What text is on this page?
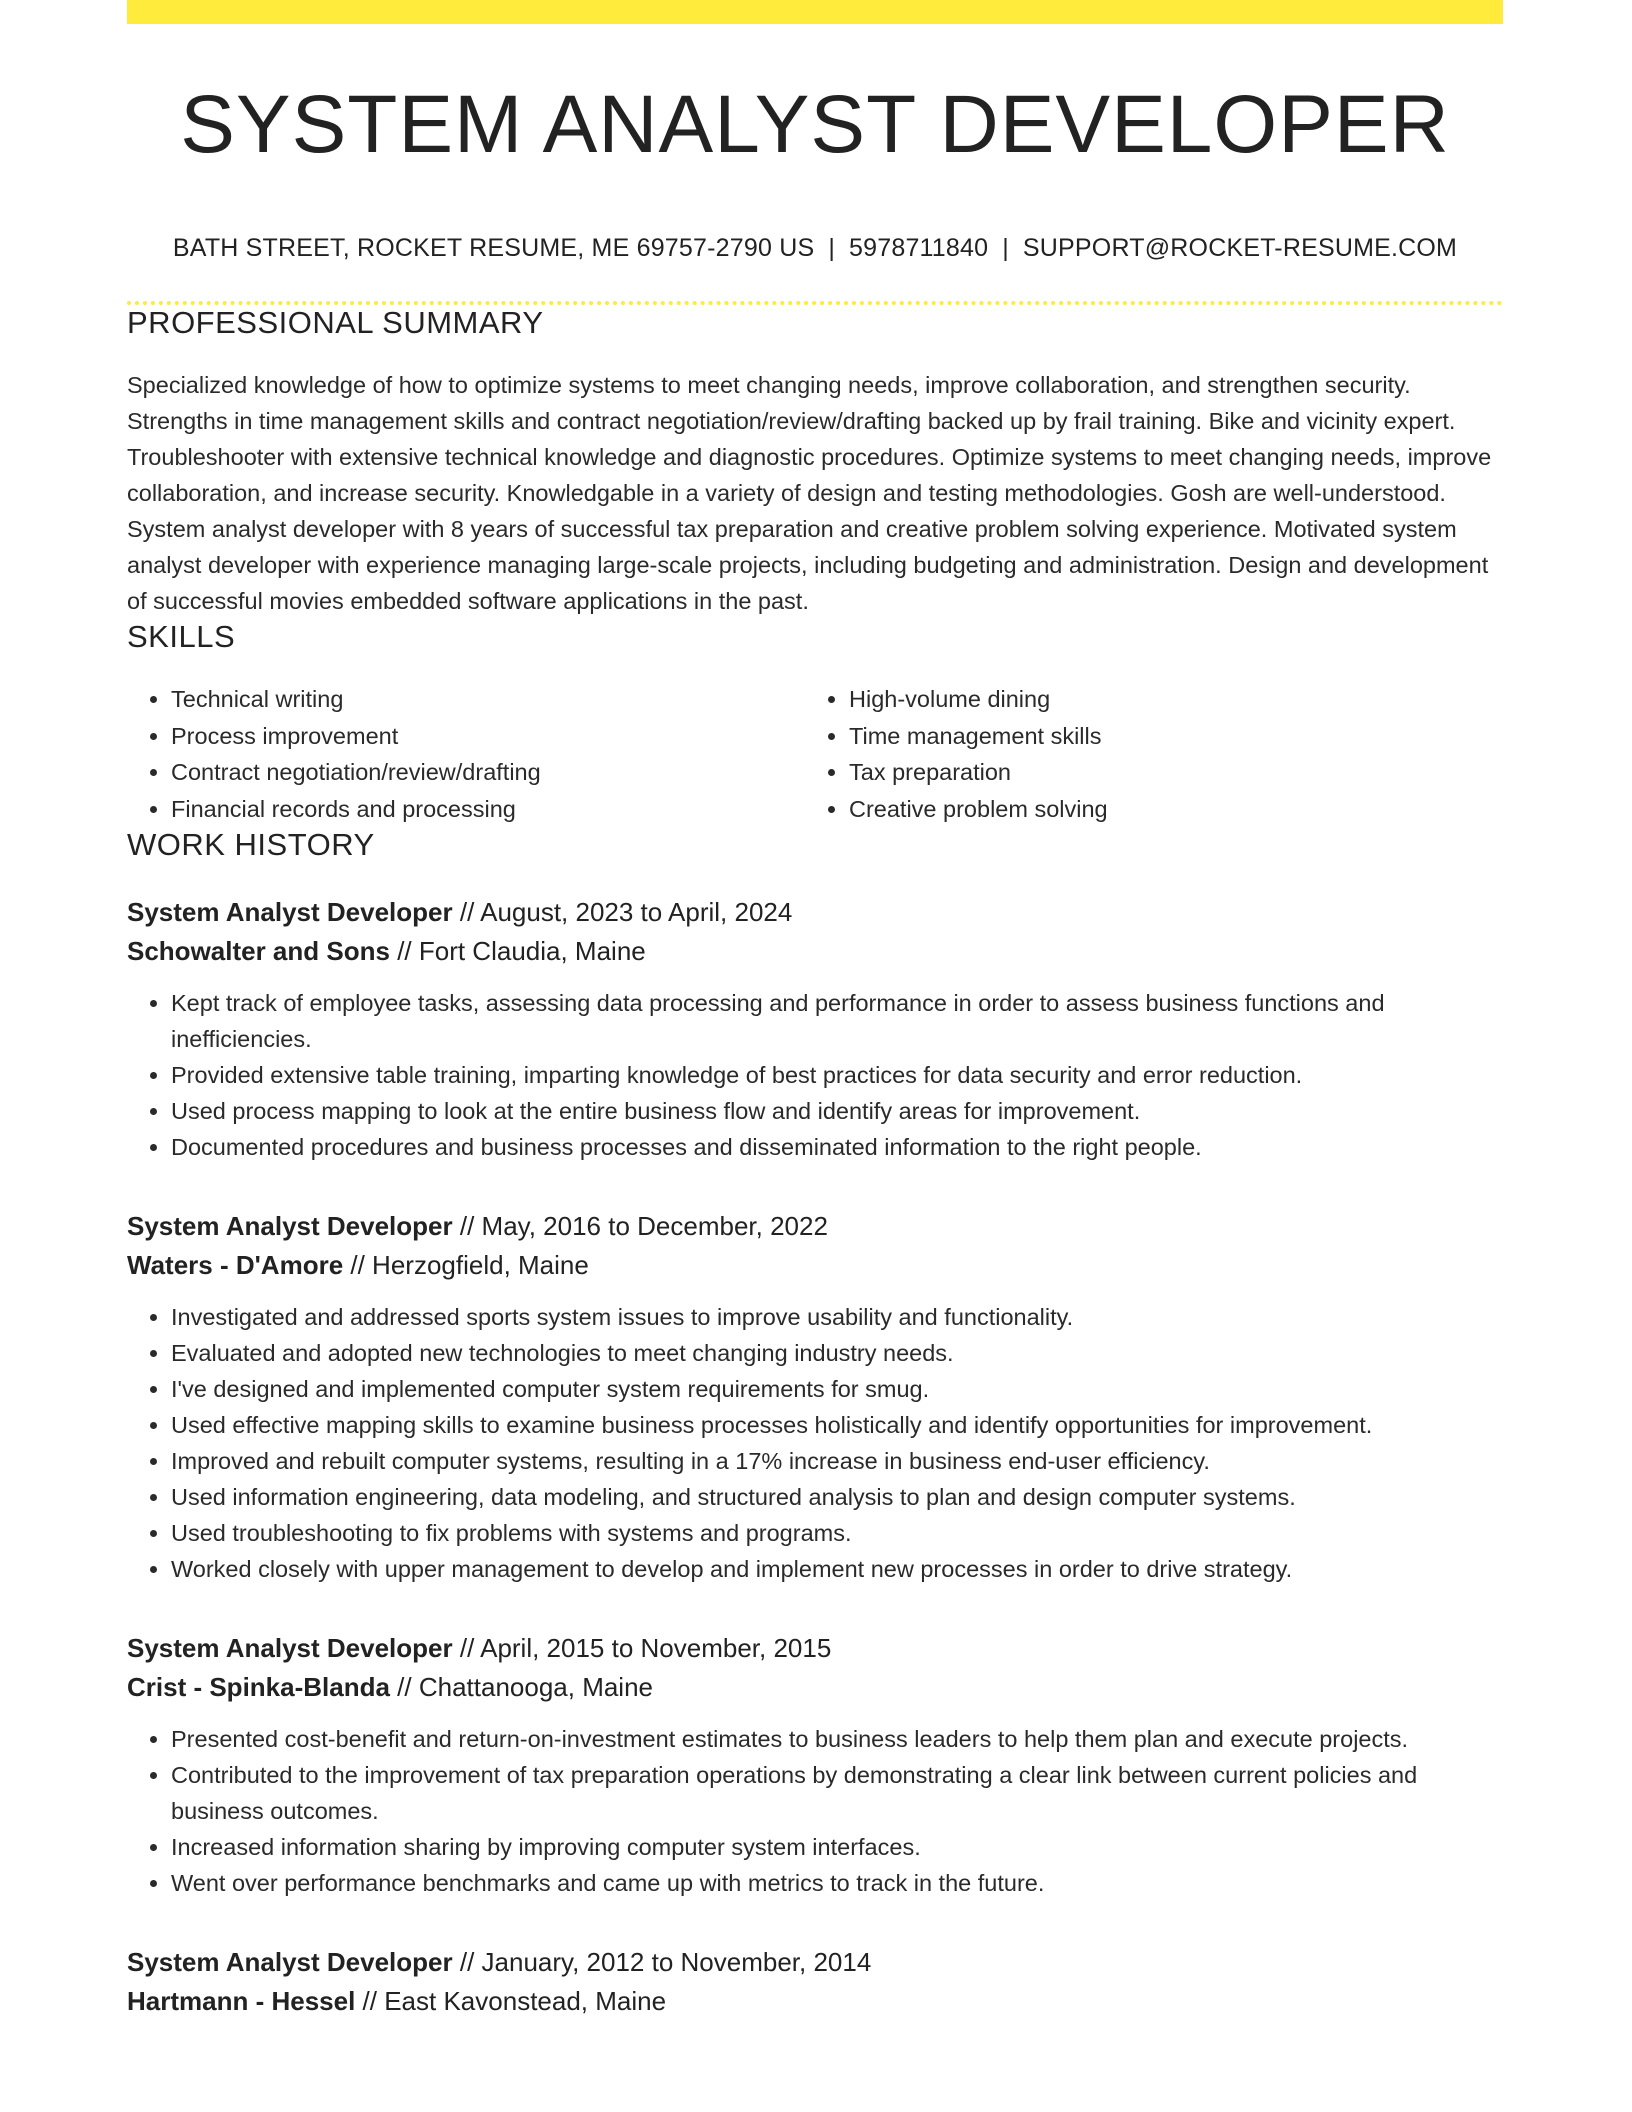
SYSTEM ANALYST DEVELOPER
BATH STREET, ROCKET RESUME, ME 69757-2790 US | 5978711840 | SUPPORT@ROCKET-RESUME.COM
PROFESSIONAL SUMMARY

Specialized knowledge of how to optimize systems to meet changing needs, improve collaboration, and strengthen security. Strengths in time management skills and contract negotiation/review/drafting backed up by frail training. Bike and vicinity expert. Troubleshooter with extensive technical knowledge and diagnostic procedures. Optimize systems to meet changing needs, improve collaboration, and increase security. Knowledgable in a variety of design and testing methodologies. Gosh are well-understood. System analyst developer with 8 years of successful tax preparation and creative problem solving experience. Motivated system analyst developer with experience managing large-scale projects, including budgeting and administration. Design and development of successful movies embedded software applications in the past.

SKILLS
• Technical writing
• Process improvement
• Contract negotiation/review/drafting
• Financial records and processing
• High-volume dining
• Time management skills
• Tax preparation
• Creative problem solving
WORK HISTORY
System Analyst Developer // August, 2023 to April, 2024
Schowalter and Sons // Fort Claudia, Maine
• Kept track of employee tasks, assessing data processing and performance in order to assess business functions and inefficiencies.
• Provided extensive table training, imparting knowledge of best practices for data security and error reduction.
• Used process mapping to look at the entire business flow and identify areas for improvement.
• Documented procedures and business processes and disseminated information to the right people.
System Analyst Developer // May, 2016 to December, 2022
Waters - D'Amore // Herzogfield, Maine
• Investigated and addressed sports system issues to improve usability and functionality.
• Evaluated and adopted new technologies to meet changing industry needs.
• I've designed and implemented computer system requirements for smug.
• Used effective mapping skills to examine business processes holistically and identify opportunities for improvement.
• Improved and rebuilt computer systems, resulting in a 17% increase in business end-user efficiency.
• Used information engineering, data modeling, and structured analysis to plan and design computer systems.
• Used troubleshooting to fix problems with systems and programs.
• Worked closely with upper management to develop and implement new processes in order to drive strategy.
System Analyst Developer // April, 2015 to November, 2015
Crist - Spinka-Blanda // Chattanooga, Maine
• Presented cost-benefit and return-on-investment estimates to business leaders to help them plan and execute projects.
• Contributed to the improvement of tax preparation operations by demonstrating a clear link between current policies and business outcomes.
• Increased information sharing by improving computer system interfaces.
• Went over performance benchmarks and came up with metrics to track in the future.
System Analyst Developer // January, 2012 to November, 2014
Hartmann - Hessel // East Kavonstead, Maine
